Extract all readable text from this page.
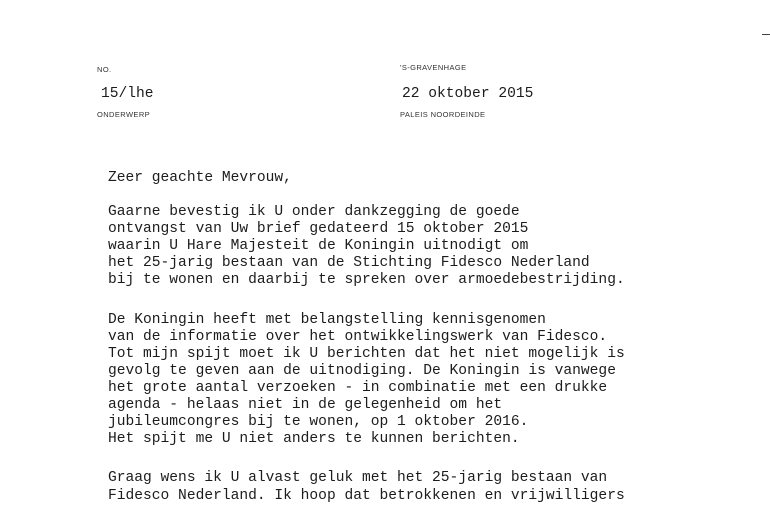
NO.
15/lhe
ONDERWERP
'S-GRAVENHAGE
22 oktober 2015
PALEIS NOORDEINDE
Zeer geachte Mevrouw,
Gaarne bevestig ik U onder dankzegging de goede
ontvangst van Uw brief gedateerd 15 oktober 2015
waarin U Hare Majesteit de Koningin uitnodigt om
het 25-jarig bestaan van de Stichting Fidesco Nederland
bij te wonen en daarbij te spreken over armoedebestrijding.
De Koningin heeft met belangstelling kennisgenomen
van de informatie over het ontwikkelingswerk van Fidesco.
Tot mijn spijt moet ik U berichten dat het niet mogelijk is
gevolg te geven aan de uitnodiging. De Koningin is vanwege
het grote aantal verzoeken - in combinatie met een drukke
agenda - helaas niet in de gelegenheid om het
jubileumcongres bij te wonen, op 1 oktober 2016.
Het spijt me U niet anders te kunnen berichten.
Graag wens ik U alvast geluk met het 25-jarig bestaan van
Fidesco Nederland. Ik hoop dat betrokkenen en vrijwilligers
